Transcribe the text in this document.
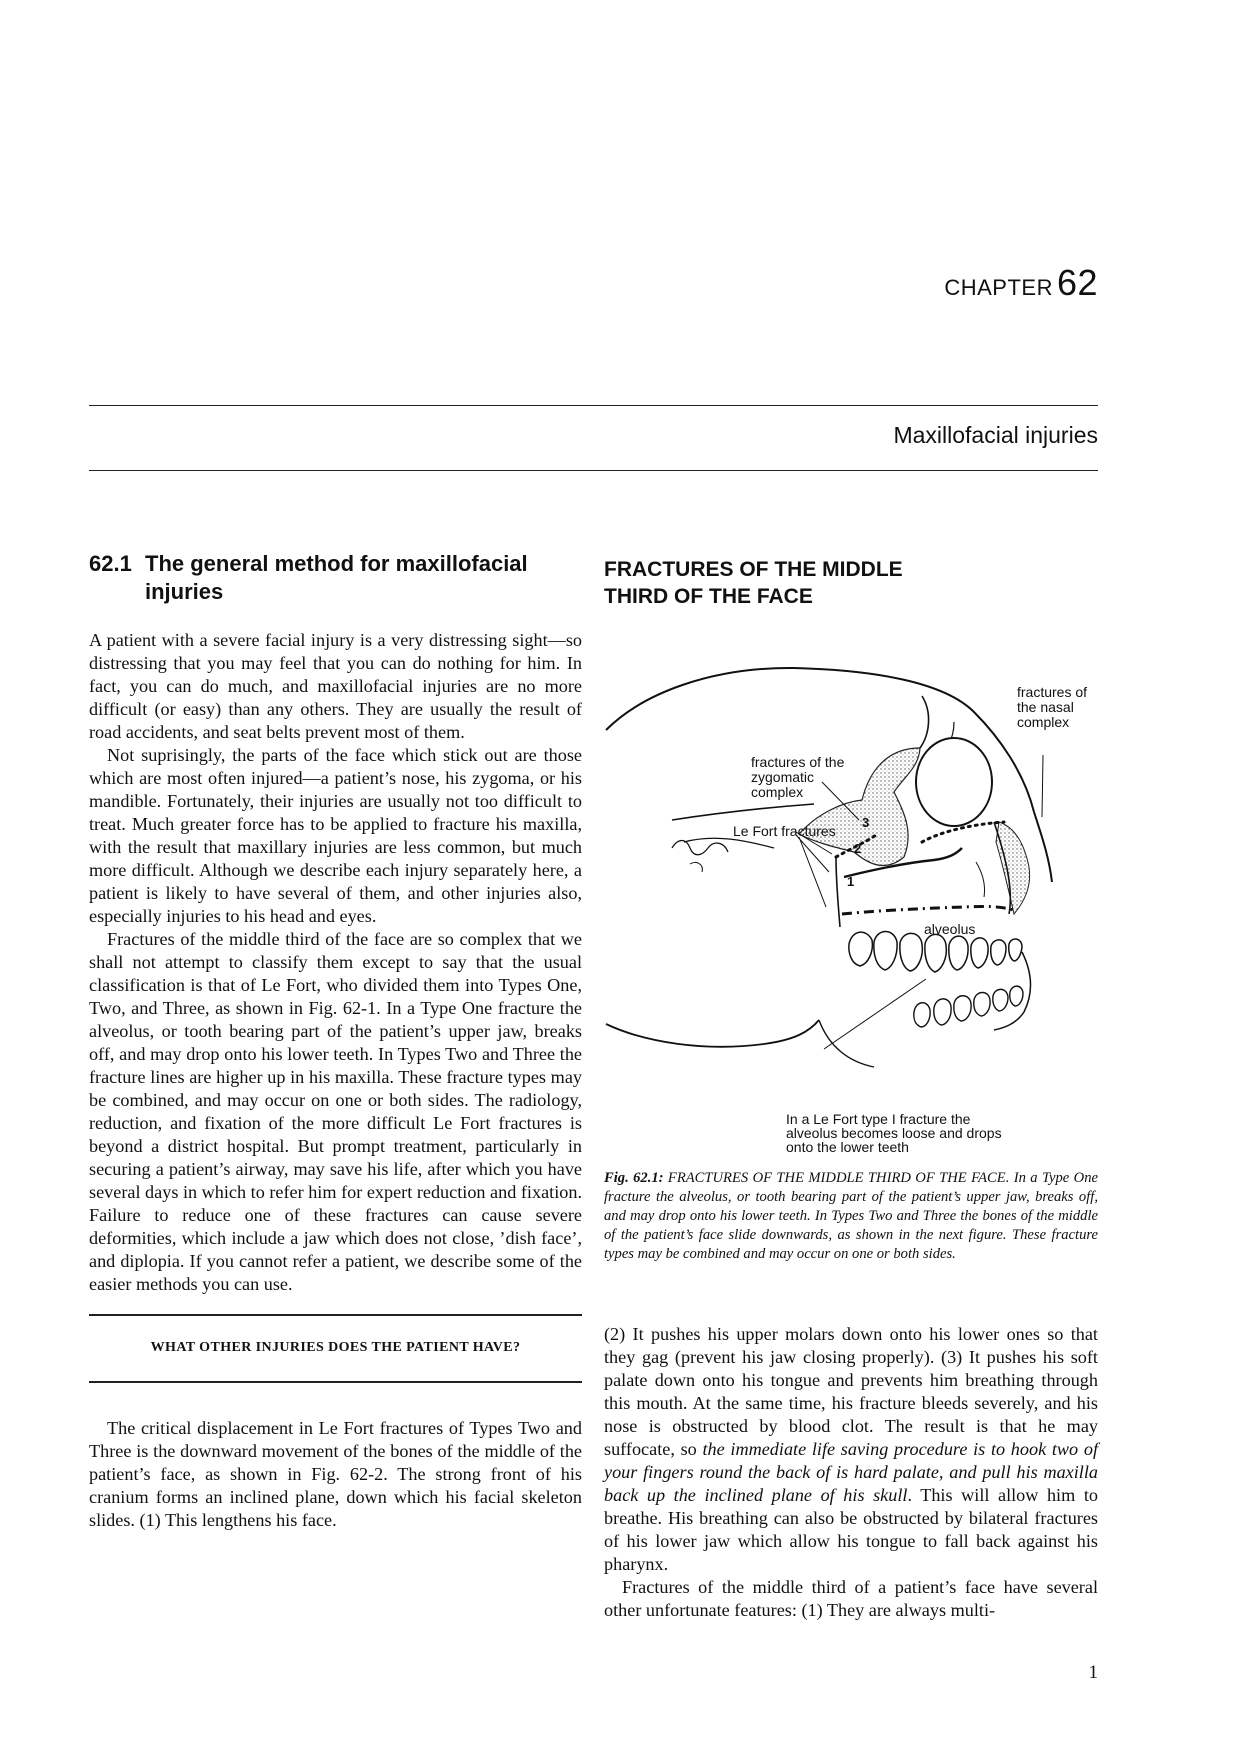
CHAPTER 62
Maxillofacial injuries
62.1 The general method for maxillofacial injuries

A patient with a severe facial injury is a very distressing sight—so distressing that you may feel that you can do nothing for him. In fact, you can do much, and maxillofacial injuries are no more difficult (or easy) than any others. They are usually the result of road accidents, and seat belts prevent most of them.

Not suprisingly, the parts of the face which stick out are those which are most often injured—a patient’s nose, his zygoma, or his mandible. Fortunately, their injuries are usually not too difficult to treat. Much greater force has to be applied to fracture his maxilla, with the result that maxillary injuries are less common, but much more difficult. Although we describe each injury separately here, a patient is likely to have several of them, and other injuries also, especially injuries to his head and eyes.

Fractures of the middle third of the face are so complex that we shall not attempt to classify them except to say that the usual classification is that of Le Fort, who divided them into Types One, Two, and Three, as shown in Fig. 62-1. In a Type One fracture the alveolus, or tooth bearing part of the patient’s upper jaw, breaks off, and may drop onto his lower teeth. In Types Two and Three the fracture lines are higher up in his maxilla. These fracture types may be combined, and may occur on one or both sides. The radiology, reduction, and fixation of the more difficult Le Fort fractures is beyond a district hospital. But prompt treatment, particularly in securing a patient’s airway, may save his life, after which you have several days in which to refer him for expert reduction and fixation. Failure to reduce one of these fractures can cause severe deformities, which include a jaw which does not close, ’dish face’, and diplopia. If you cannot refer a patient, we describe some of the easier methods you can use.

WHAT OTHER INJURIES DOES THE PATIENT HAVE?

The critical displacement in Le Fort fractures of Types Two and Three is the downward movement of the bones of the middle of the patient’s face, as shown in Fig. 62-2. The strong front of his cranium forms an inclined plane, down which his facial skeleton slides. (1) This lengthens his face.

FRACTURES OF THE MIDDLE
THIRD OF THE FACE
fractures of the nasal complex
fractures of the zygomatic complex
Le Fort fractures
3
2
1
alveolus
In a Le Fort type I fracture the alveolus becomes loose and drops onto the lower teeth

Fig. 62.1: FRACTURES OF THE MIDDLE THIRD OF THE FACE. In a Type One fracture the alveolus, or tooth bearing part of the patient’s upper jaw, breaks off, and may drop onto his lower teeth. In Types Two and Three the bones of the middle of the patient’s face slide downwards, as shown in the next figure. These fracture types may be combined and may occur on one or both sides.

(2) It pushes his upper molars down onto his lower ones so that they gag (prevent his jaw closing properly). (3) It pushes his soft palate down onto his tongue and prevents him breathing through this mouth. At the same time, his fracture bleeds severely, and his nose is obstructed by blood clot. The result is that he may suffocate, so the immediate life saving procedure is to hook two of your fingers round the back of is hard palate, and pull his maxilla back up the inclined plane of his skull. This will allow him to breathe. His breathing can also be obstructed by bilateral fractures of his lower jaw which allow his tongue to fall back against his pharynx.

Fractures of the middle third of a patient’s face have several other unfortunate features: (1) They are always multi-

1
